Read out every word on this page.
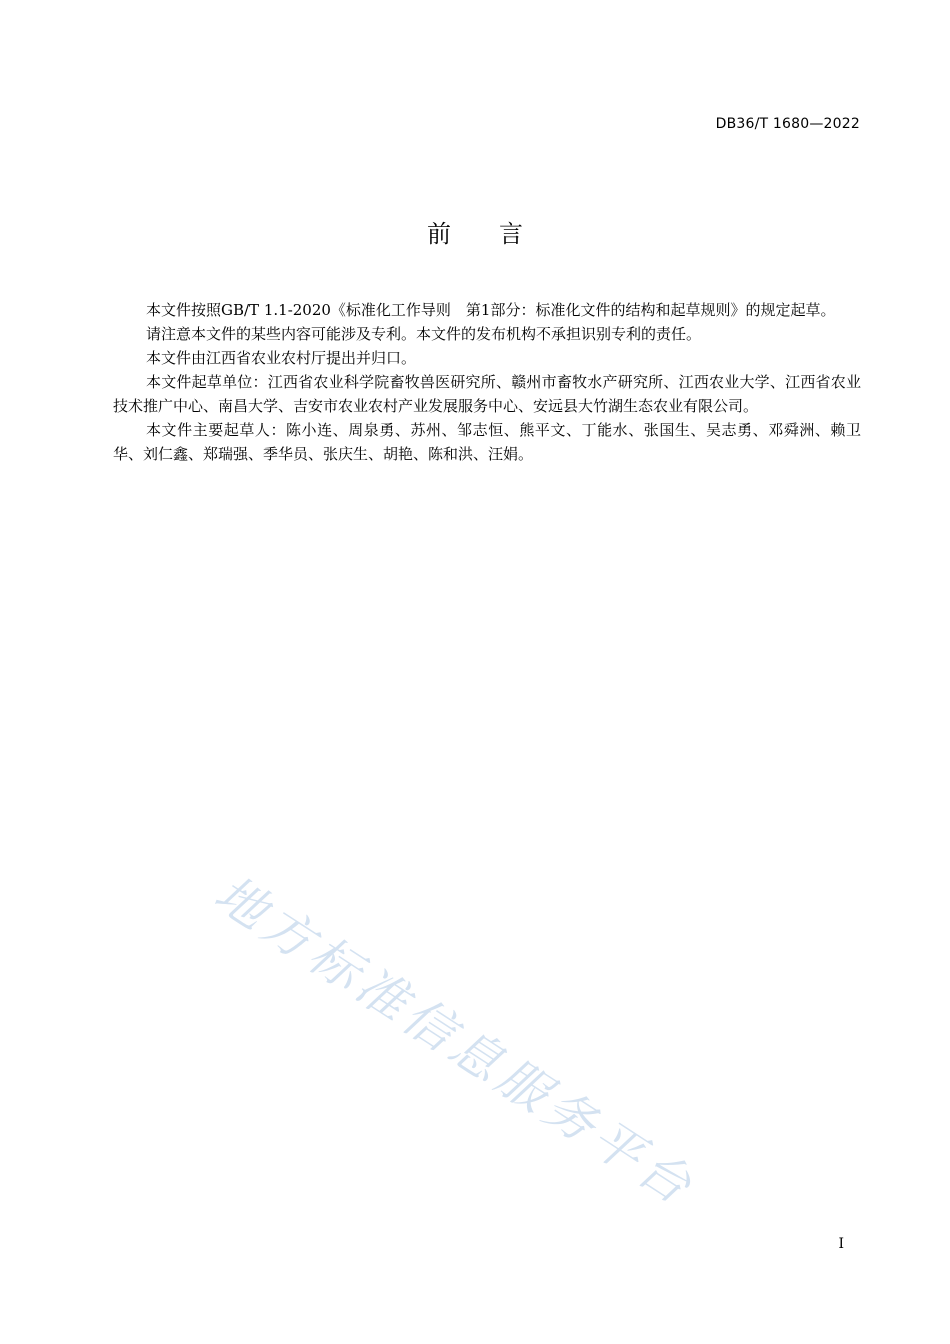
DB36/T 1680—2022
前言

本文件按照GB/T 1.1-2020《标准化工作导则　第1部分：标准化文件的结构和起草规则》的规定起草。

请注意本文件的某些内容可能涉及专利。本文件的发布机构不承担识别专利的责任。

本文件由江西省农业农村厅提出并归口。

本文件起草单位：江西省农业科学院畜牧兽医研究所、赣州市畜牧水产研究所、江西农业大学、江西省农业技术推广中心、南昌大学、吉安市农业农村产业发展服务中心、安远县大竹湖生态农业有限公司。

本文件主要起草人：陈小连、周泉勇、苏州、邹志恒、熊平文、丁能水、张国生、吴志勇、邓舜洲、赖卫华、刘仁鑫、郑瑞强、季华员、张庆生、胡艳、陈和洪、汪娟。

地方标准信息服务平台
I
